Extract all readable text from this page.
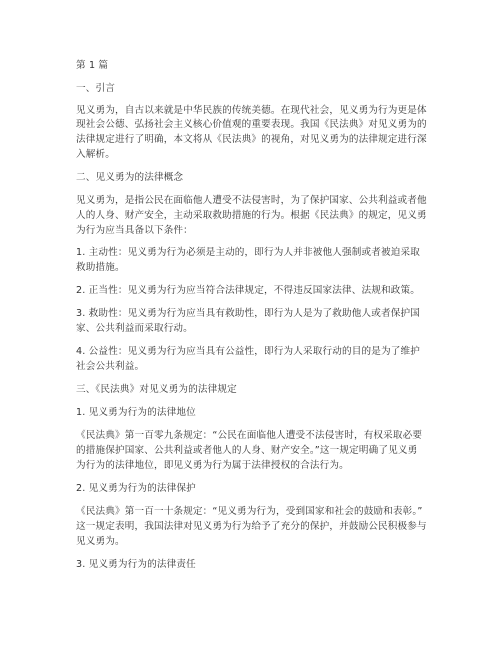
第 1 篇
一、引言
见义勇为，自古以来就是中华民族的传统美德。在现代社会，见义勇为行为更是体
现社会公德、弘扬社会主义核心价值观的重要表现。我国《民法典》对见义勇为的
法律规定进行了明确，本文将从《民法典》的视角，对见义勇为的法律规定进行深
入解析。
二、见义勇为的法律概念
见义勇为，是指公民在面临他人遭受不法侵害时，为了保护国家、公共利益或者他
人的人身、财产安全，主动采取救助措施的行为。根据《民法典》的规定，见义勇
为行为应当具备以下条件：
1. 主动性：见义勇为行为必须是主动的，即行为人并非被他人强制或者被迫采取
救助措施。
2. 正当性：见义勇为行为应当符合法律规定，不得违反国家法律、法规和政策。
3. 救助性：见义勇为行为应当具有救助性，即行为人是为了救助他人或者保护国
家、公共利益而采取行动。
4. 公益性：见义勇为行为应当具有公益性，即行为人采取行动的目的是为了维护
社会公共利益。
三、《民法典》对见义勇为的法律规定
1. 见义勇为行为的法律地位
《民法典》第一百零九条规定：“公民在面临他人遭受不法侵害时，有权采取必要
的措施保护国家、公共利益或者他人的人身、财产安全。”这一规定明确了见义勇
为行为的法律地位，即见义勇为行为属于法律授权的合法行为。
2. 见义勇为行为的法律保护
《民法典》第一百一十条规定：“见义勇为行为，受到国家和社会的鼓励和表彰。”
这一规定表明，我国法律对见义勇为行为给予了充分的保护，并鼓励公民积极参与
见义勇为。
3. 见义勇为行为的法律责任
